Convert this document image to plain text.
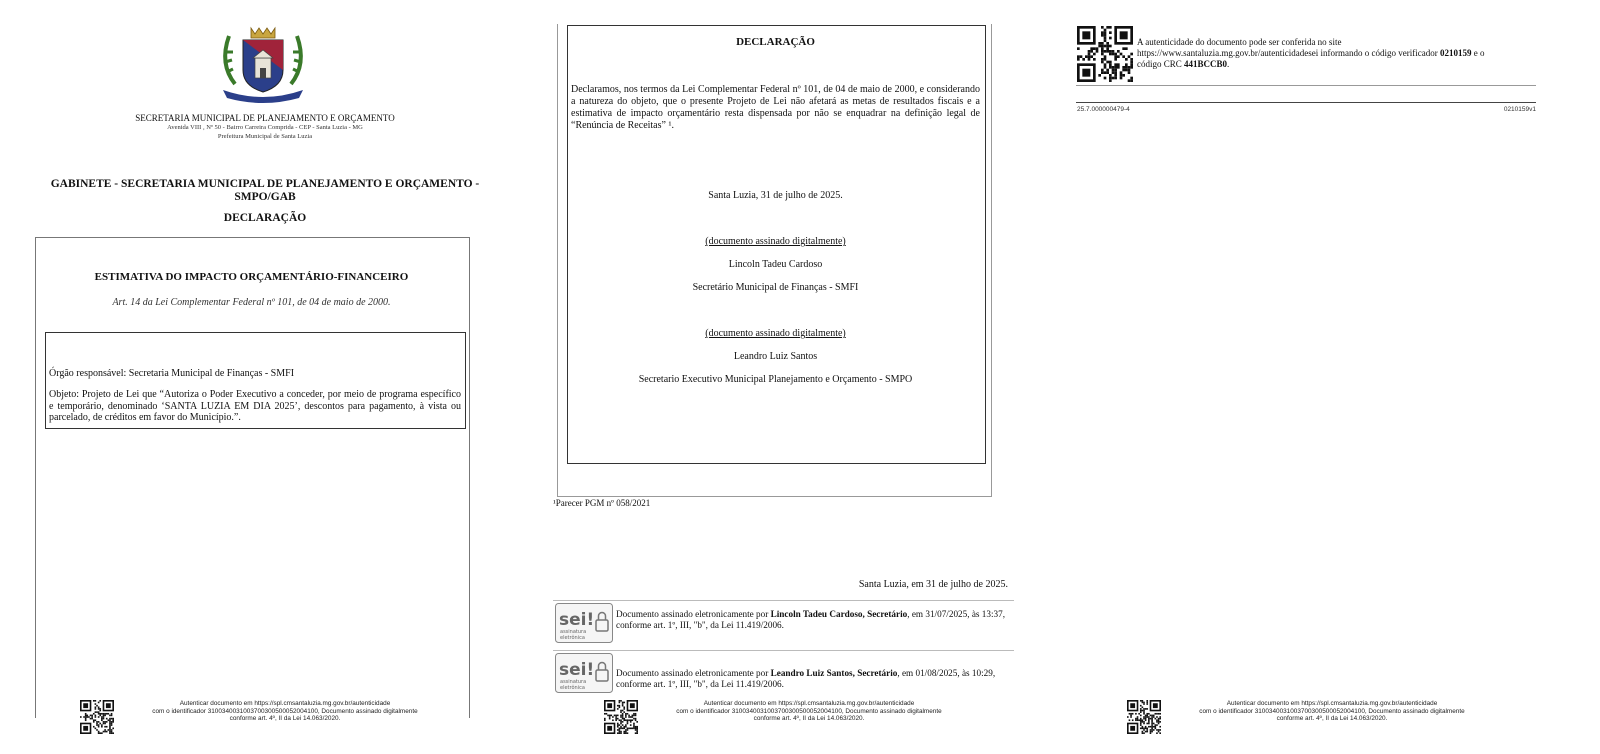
· · ·
SECRETARIA MUNICIPAL DE PLANEJAMENTO E ORÇAMENTO
Avenida VIII , Nº 50 - Bairro Carreira Comprida - CEP - Santa Luzia - MG
Prefeitura Municipal de Santa Luzia
GABINETE - SECRETARIA MUNICIPAL DE PLANEJAMENTO E ORÇAMENTO - SMPO/GAB
DECLARAÇÃO
ESTIMATIVA DO IMPACTO ORÇAMENTÁRIO-FINANCEIRO
Art. 14 da Lei Complementar Federal nº 101, de 04 de maio de 2000.
Órgão responsável: Secretaria Municipal de Finanças - SMFI
Objeto: Projeto de Lei que “Autoriza o Poder Executivo a conceder, por meio de programa específico e temporário, denominado ‘SANTA LUZIA EM DIA 2025’, descontos para pagamento, à vista ou parcelado, de créditos em favor do Município.”.
Autenticar documento em https://spl.cmsantaluzia.mg.gov.br/autenticidade
com o identificador 3100340031003700300500052004100, Documento assinado digitalmente
conforme art. 4º, II da Lei 14.063/2020.
DECLARAÇÃO
Declaramos, nos termos da Lei Complementar Federal nº 101, de 04 de maio de 2000, e considerando a natureza do objeto, que o presente Projeto de Lei não afetará as metas de resultados fiscais e a estimativa de impacto orçamentário resta dispensada por não se enquadrar na definição legal de “Renúncia de Receitas” ¹.
Santa Luzia, 31 de julho de 2025.
(documento assinado digitalmente)
Lincoln Tadeu Cardoso
Secretário Municipal de Finanças - SMFI
(documento assinado digitalmente)
Leandro Luiz Santos
Secretario Executivo Municipal Planejamento e Orçamento - SMPO
¹Parecer PGM nº 058/2021
Santa Luzia, em 31 de julho de 2025.
sei!
assinatura
eletrônica
Documento assinado eletronicamente por Lincoln Tadeu Cardoso, Secretário, em 31/07/2025, às 13:37, conforme art. 1º, III, "b", da Lei 11.419/2006.
sei!
assinatura
eletrônica
Documento assinado eletronicamente por Leandro Luiz Santos, Secretário, em 01/08/2025, às 10:29, conforme art. 1º, III, "b", da Lei 11.419/2006.
Autenticar documento em https://spl.cmsantaluzia.mg.gov.br/autenticidade
com o identificador 3100340031003700300500052004100, Documento assinado digitalmente
conforme art. 4º, II da Lei 14.063/2020.
A autenticidade do documento pode ser conferida no site
https://www.santaluzia.mg.gov.br/autenticidadesei informando o código verificador 0210159 e o
código CRC 441BCCB0.
25.7.000000479-4	0210159v1
Autenticar documento em https://spl.cmsantaluzia.mg.gov.br/autenticidade
com o identificador 3100340031003700300500052004100, Documento assinado digitalmente
conforme art. 4º, II da Lei 14.063/2020.
